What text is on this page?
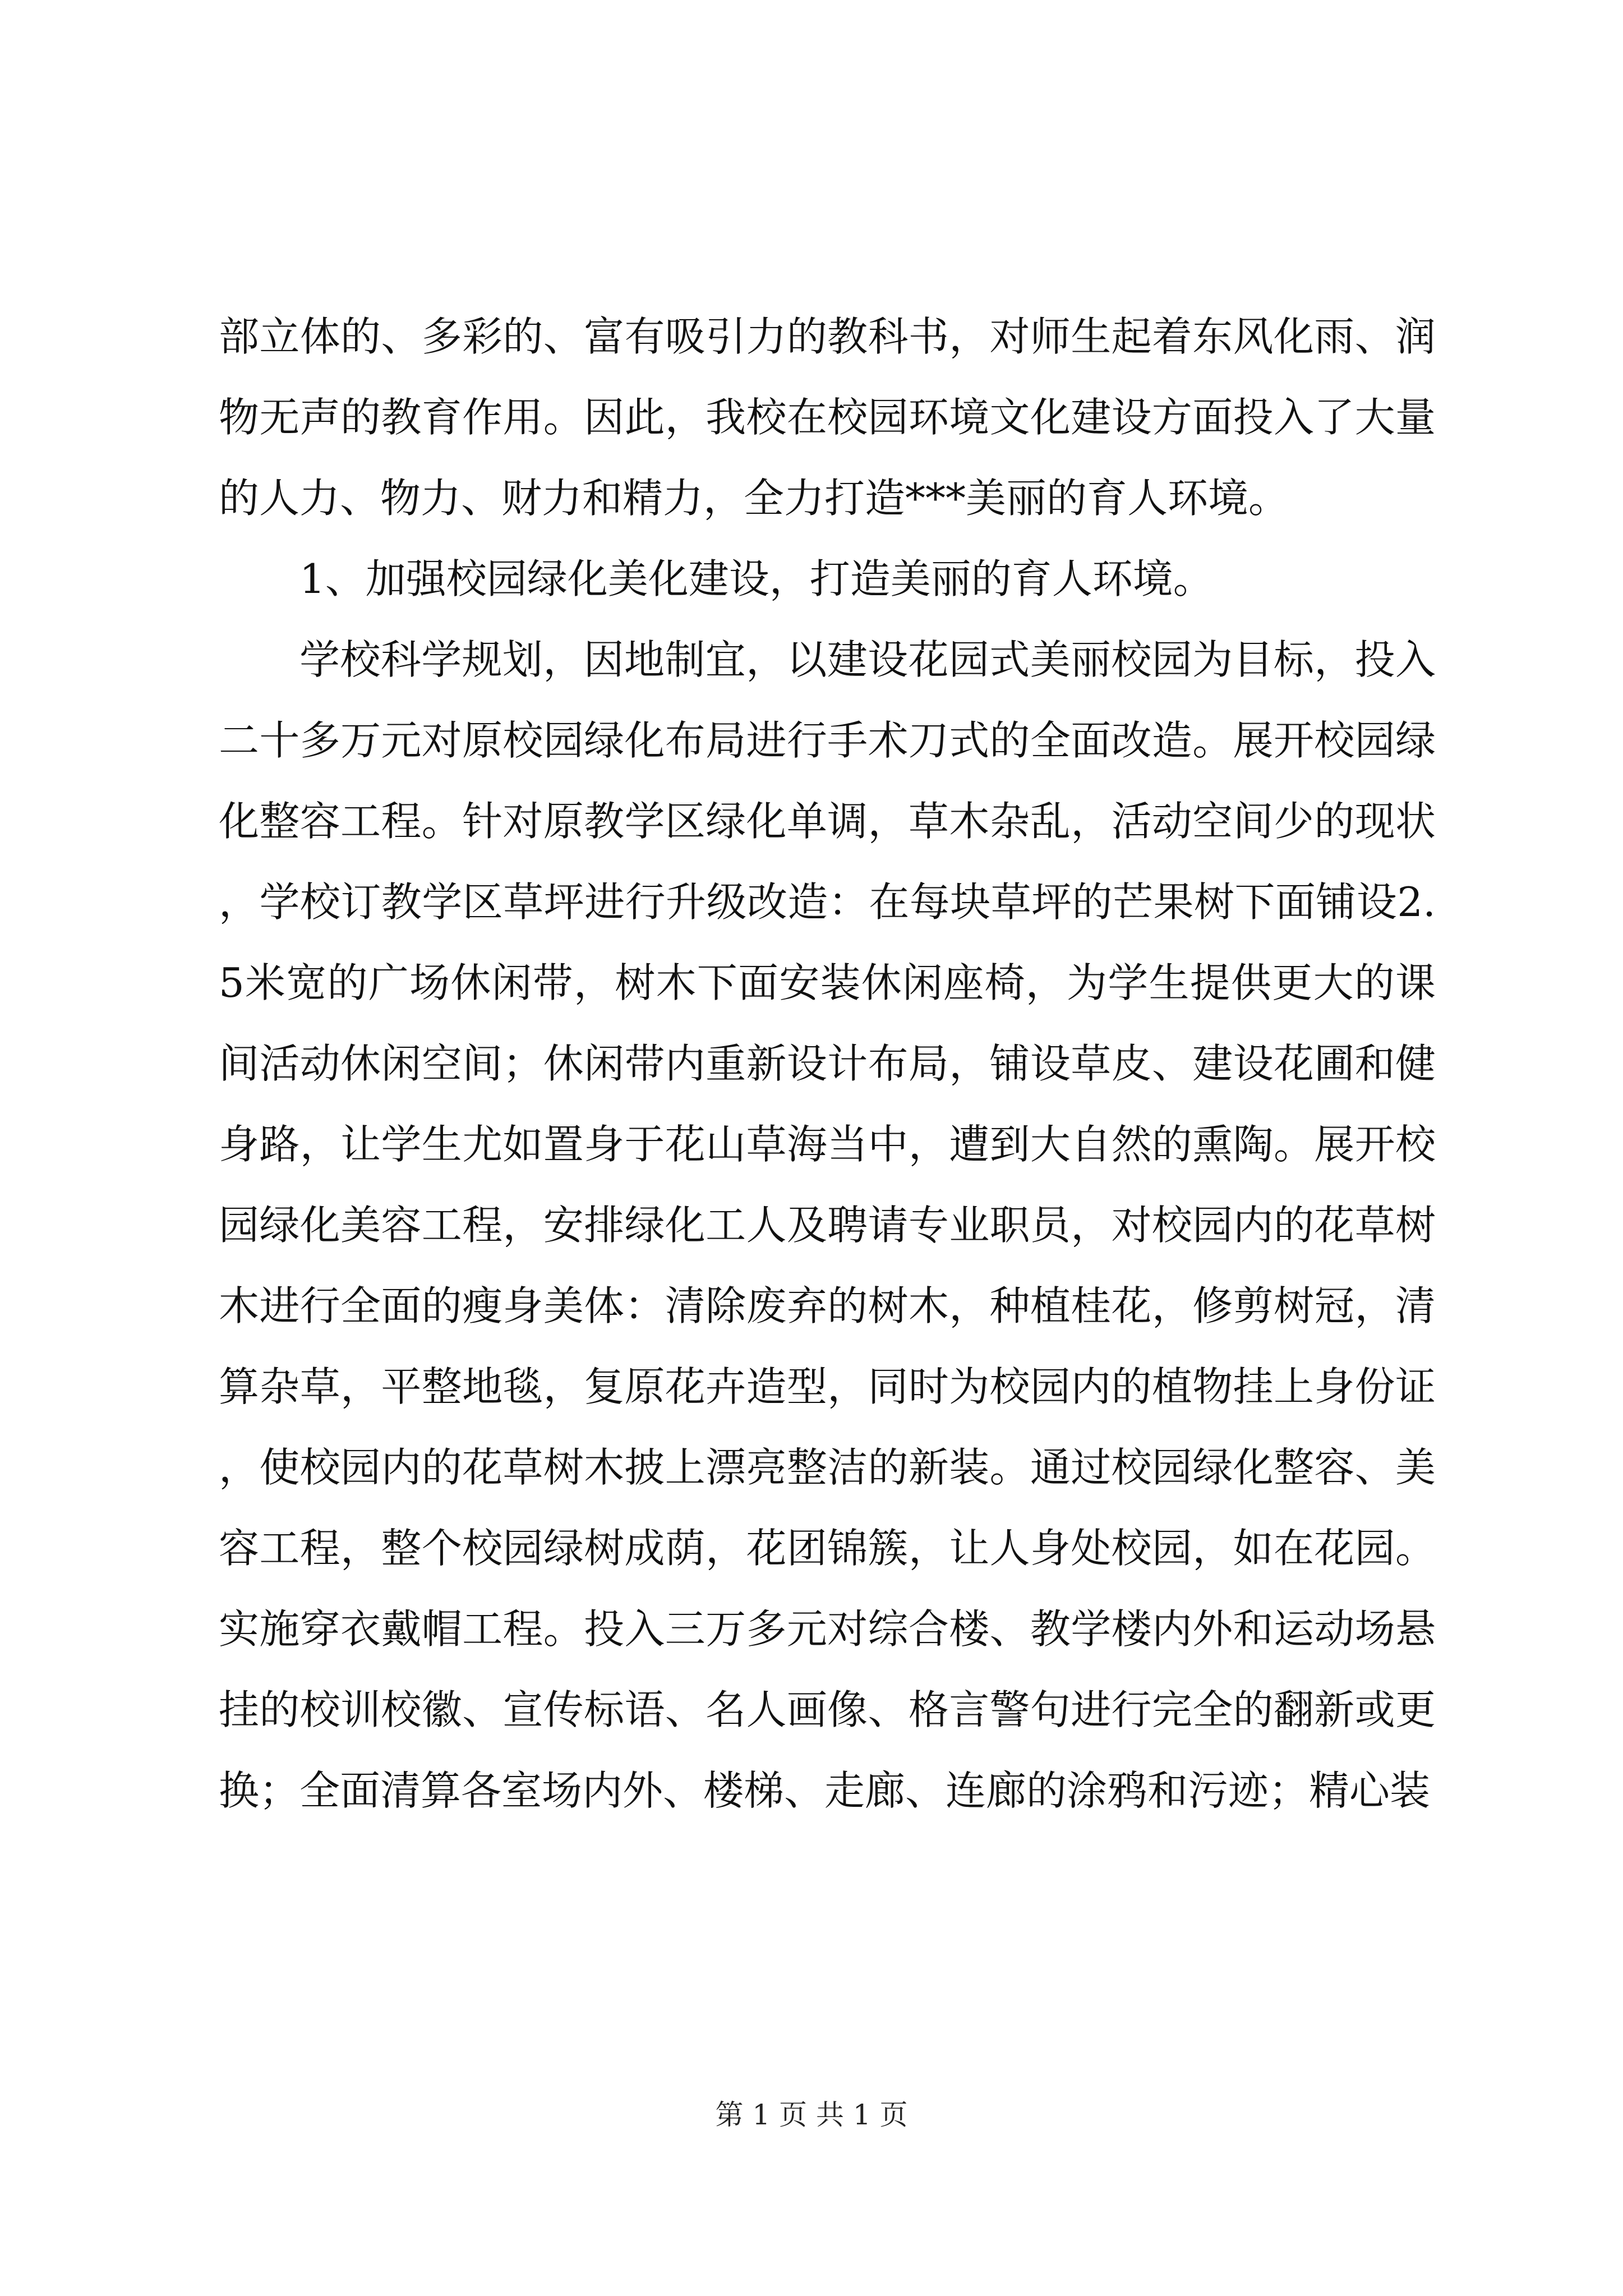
部立体的、多彩的、富有吸引力的教科书，对师生起着东风化雨、润物无声的教育作用。因此，我校在校园环境文化建设方面投入了大量的人力、物力、财力和精力，全力打造***美丽的育人环境。

1、加强校园绿化美化建设，打造美丽的育人环境。

学校科学规划，因地制宜，以建设花园式美丽校园为目标，投入二十多万元对原校园绿化布局进行手术刀式的全面改造。展开校园绿化整容工程。针对原教学区绿化单调，草木杂乱，活动空间少的现状，学校订教学区草坪进行升级改造：在每块草坪的芒果树下面铺设2.5米宽的广场休闲带，树木下面安装休闲座椅，为学生提供更大的课间活动休闲空间；休闲带内重新设计布局，铺设草皮、建设花圃和健身路，让学生尤如置身于花山草海当中，遭到大自然的熏陶。展开校园绿化美容工程，安排绿化工人及聘请专业职员，对校园内的花草树木进行全面的瘦身美体：清除废弃的树木，种植桂花，修剪树冠，清算杂草，平整地毯，复原花卉造型，同时为校园内的植物挂上身份证，使校园内的花草树木披上漂亮整洁的新装。通过校园绿化整容、美容工程，整个校园绿树成荫，花团锦簇，让人身处校园，如在花园。实施穿衣戴帽工程。投入三万多元对综合楼、教学楼内外和运动场悬挂的校训校徽、宣传标语、名人画像、格言警句进行完全的翻新或更换；全面清算各室场内外、楼梯、走廊、连廊的涂鸦和污迹；精心装

第 1 页 共 1 页
